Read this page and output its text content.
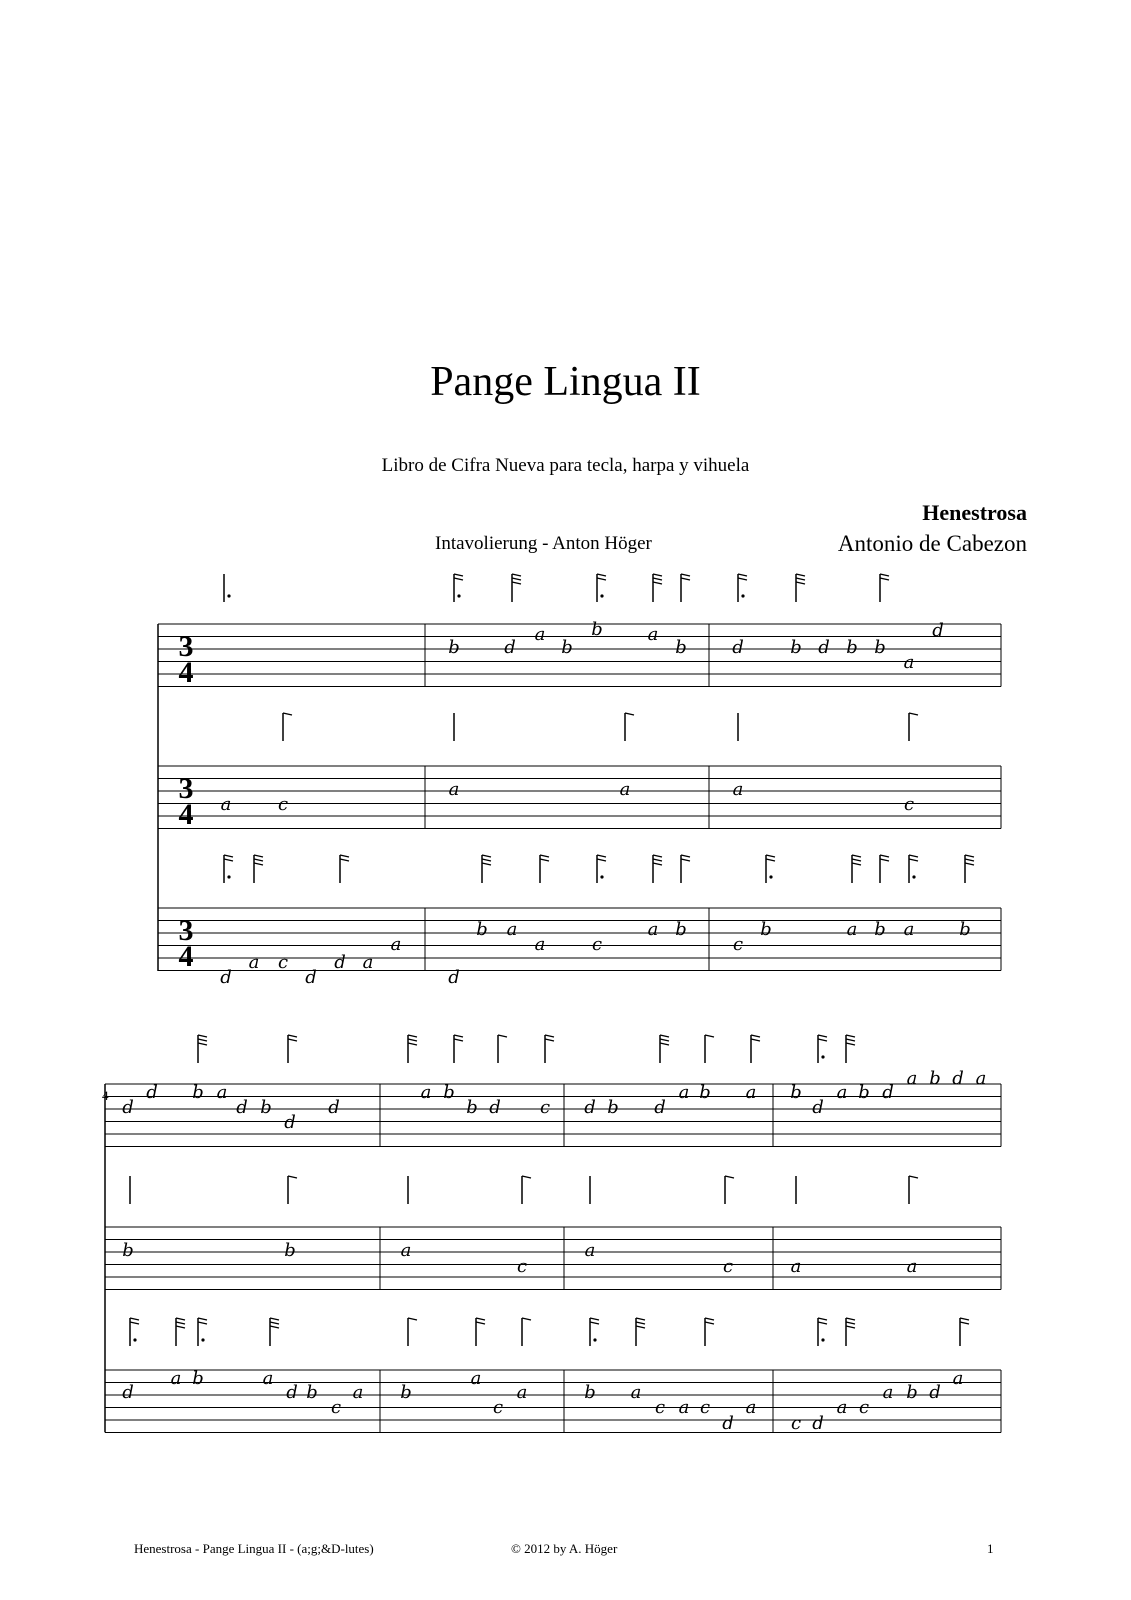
Pange Lingua II
Libro de Cifra Nueva para tecla, harpa y vihuela
Henestrosa
Intavolierung - Anton Höger	Antonio de Cabezon
3
4
3
4
3
4
b d
a
b
b a
b	d	b d b b
a
d
a	c
a	a	a
c
d
a c
d
d a
a
b a
a	c
a b
d
c
b	a b a b
d
d b a
d b
d
d
a b
b d c d b d
a b a b
d
a b d
a b d a
b	b	a
c
a
c	a	a
d
a b	a
d b
c
a b
a
c
a	b a
c a c
d
a
c d
a c
a b d
a
4
Henestrosa - Pange Lingua II - (a;g;&D-lutes)	© 2012 by A. Höger	1
